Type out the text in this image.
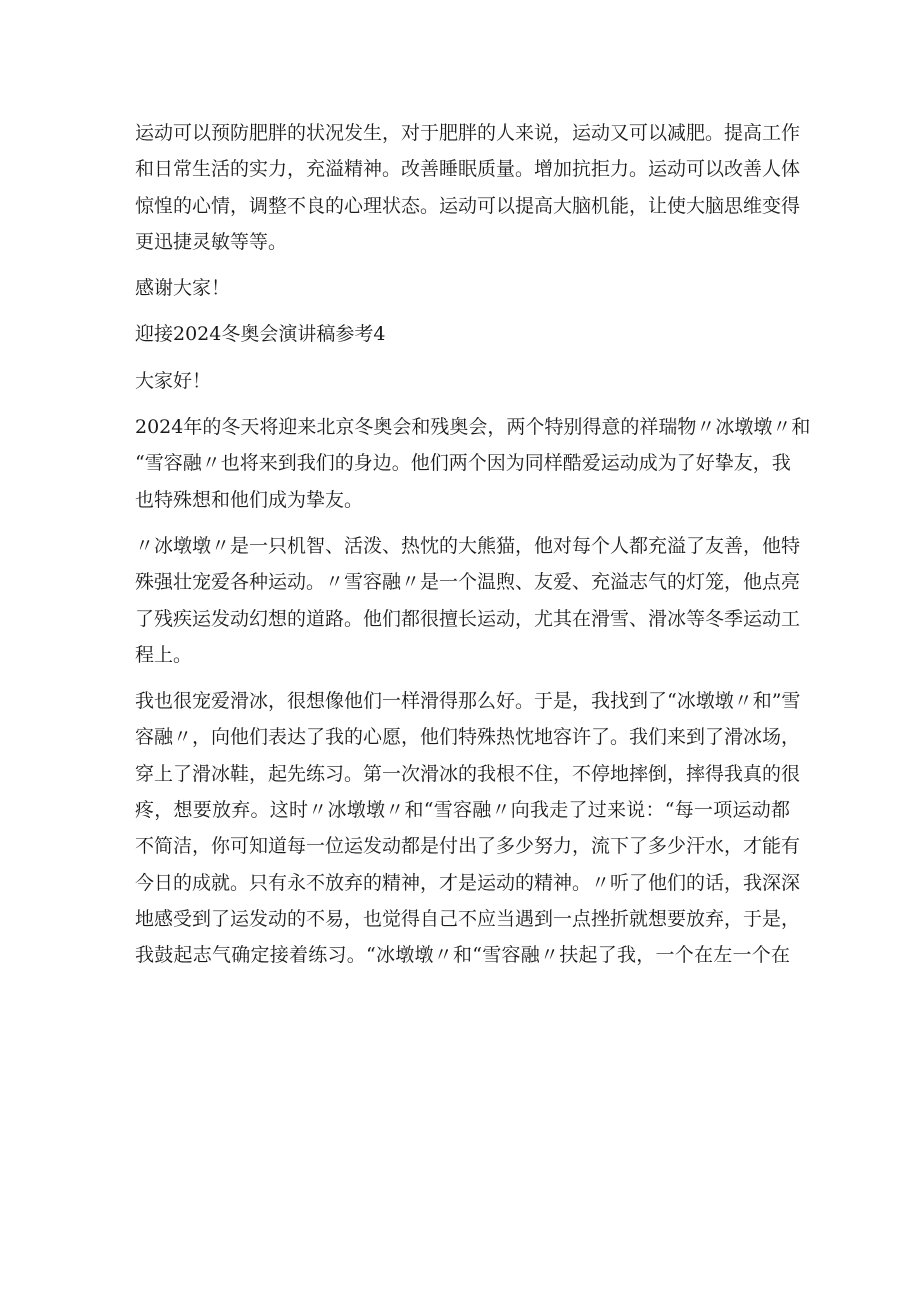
运动可以预防肥胖的状况发生，对于肥胖的人来说，运动又可以减肥。提高工作
和日常生活的实力，充溢精神。改善睡眠质量。增加抗拒力。运动可以改善人体
惊惶的心情，调整不良的心理状态。运动可以提高大脑机能，让使大脑思维变得
更迅捷灵敏等等。
感谢大家！
迎接2024冬奥会演讲稿参考4
大家好！
2024年的冬天将迎来北京冬奥会和残奥会，两个特别得意的祥瑞物〃冰墩墩〃和
“雪容融〃也将来到我们的身边。他们两个因为同样酷爱运动成为了好挚友，我
也特殊想和他们成为挚友。
〃冰墩墩〃是一只机智、活泼、热忱的大熊猫，他对每个人都充溢了友善，他特
殊强壮宠爱各种运动。〃雪容融〃是一个温煦、友爱、充溢志气的灯笼，他点亮
了残疾运发动幻想的道路。他们都很擅长运动，尤其在滑雪、滑冰等冬季运动工
程上。
我也很宠爱滑冰，很想像他们一样滑得那么好。于是，我找到了“冰墩墩〃和”雪
容融〃，向他们表达了我的心愿，他们特殊热忱地容许了。我们来到了滑冰场，
穿上了滑冰鞋，起先练习。第一次滑冰的我根不住，不停地摔倒，摔得我真的很
疼，想要放弃。这时〃冰墩墩〃和“雪容融〃向我走了过来说：“每一项运动都
不简洁，你可知道每一位运发动都是付出了多少努力，流下了多少汗水，才能有
今日的成就。只有永不放弃的精神，才是运动的精神。〃听了他们的话，我深深
地感受到了运发动的不易，也觉得自己不应当遇到一点挫折就想要放弃，于是，
我鼓起志气确定接着练习。“冰墩墩〃和“雪容融〃扶起了我，一个在左一个在
